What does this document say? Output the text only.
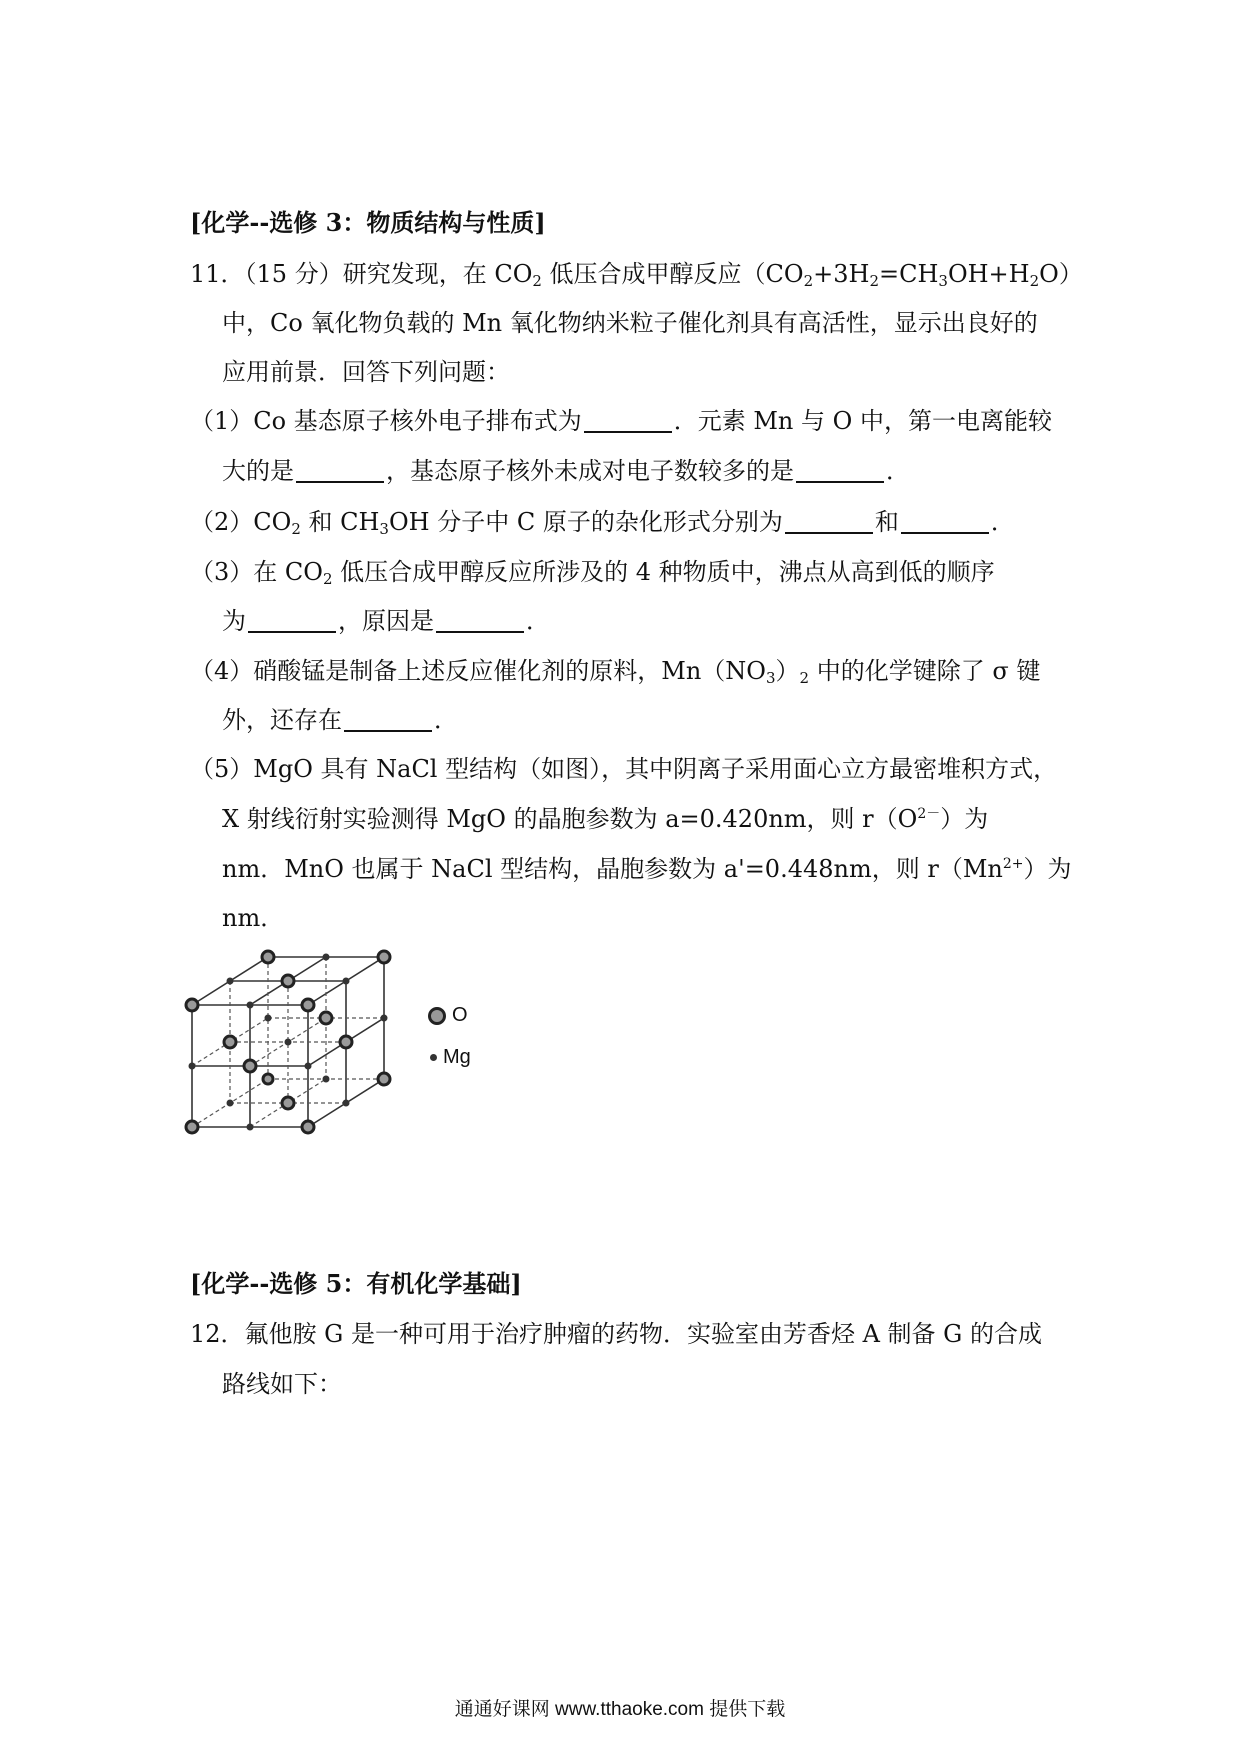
[化学--选修 3：物质结构与性质]
11．（15 分）研究发现，在 $CO_2$ 低压合成甲醇反应$(CO_2+3H_2=CH_3OH+H_2O)$
中，Co 氧化物负载的 Mn 氧化物纳米粒子催化剂具有高活性，显示出良好的
应用前景．回答下列问题：
（1）Co 基态原子核外电子排布式为	．元素 Mn 与 O 中，第一电离能较
大的是	，基态原子核外未成对电子数较多的是	．
$(2)CO_2$ 和 $CH_3OH$ 分子中 C 原子的杂化形式分别为	和	．
（3）在 $CO_2$ 低压合成甲醇反应所涉及的 4 种物质中，沸点从高到低的顺序
为	，原因是	．
（4）硝酸锰是制备上述反应催化剂的原料，$Mn(NO_3)_2$ 中的化学键除了 σ 键
外，还存在	．
（5）MgO 具有 NaCl 型结构（如图），其中阴离子采用面心立方最密堆积方式，
X 射线衍射实验测得 MgO 的晶胞参数为 a=0.420nm，则 $r(O^{2-})$为
nm．MnO 也属于 NaCl 型结构，晶胞参数为 a'=0.448nm，则 $r(Mn^{2+})$为
nm．
O
Mg
[化学--选修 5：有机化学基础]
12．氟他胺 G 是一种可用于治疗肿瘤的药物．实验室由芳香烃 A 制备 G 的合成
路线如下：
通通好课网 www.tthaoke.com 提供下载
